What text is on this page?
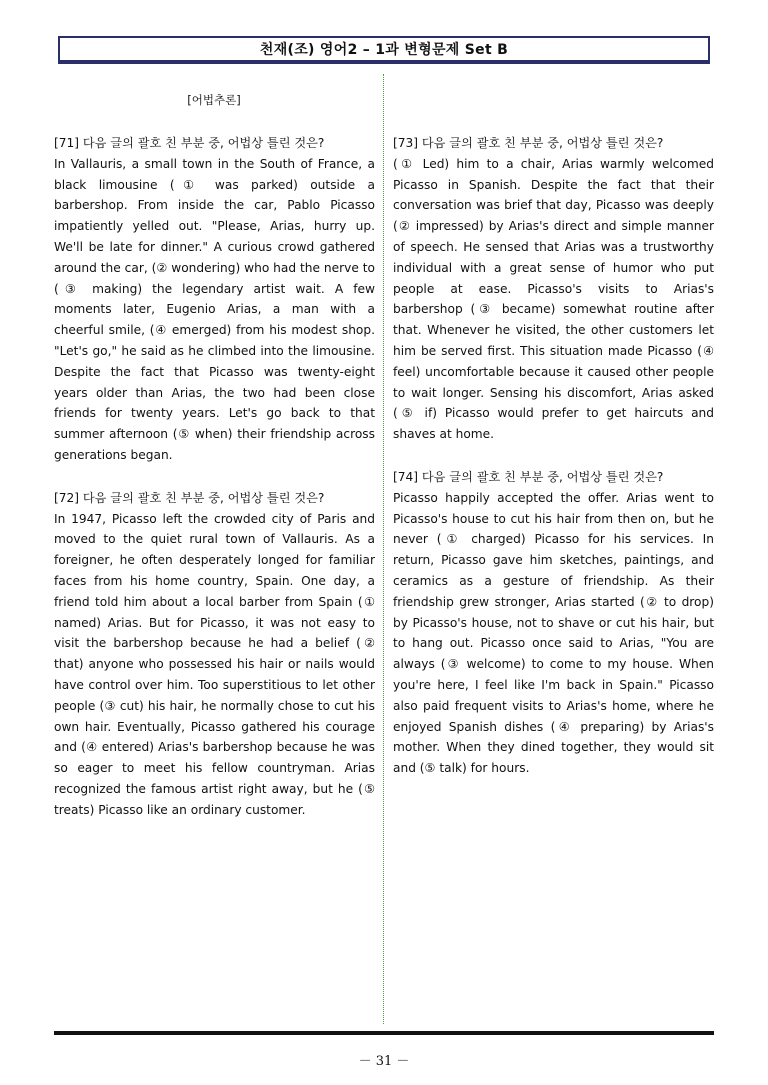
천재(조) 영어2 – 1과 변형문제 Set B
[어법추론]
[71] 다음 글의 괄호 친 부분 중, 어법상 틀린 것은?
In Vallauris, a small town in the South of France, a black limousine (① was parked) outside a barbershop. From inside the car, Pablo Picasso impatiently yelled out. "Please, Arias, hurry up. We'll be late for dinner." A curious crowd gathered around the car, (② wondering) who had the nerve to (③ making) the legendary artist wait. A few moments later, Eugenio Arias, a man with a cheerful smile, (④ emerged) from his modest shop. "Let's go," he said as he climbed into the limousine. Despite the fact that Picasso was twenty-eight years older than Arias, the two had been close friends for twenty years. Let's go back to that summer afternoon (⑤ when) their friendship across generations began.
[72] 다음 글의 괄호 친 부분 중, 어법상 틀린 것은?
In 1947, Picasso left the crowded city of Paris and moved to the quiet rural town of Vallauris. As a foreigner, he often desperately longed for familiar faces from his home country, Spain. One day, a friend told him about a local barber from Spain (① named) Arias. But for Picasso, it was not easy to visit the barbershop because he had a belief (② that) anyone who possessed his hair or nails would have control over him. Too superstitious to let other people (③ cut) his hair, he normally chose to cut his own hair. Eventually, Picasso gathered his courage and (④ entered) Arias's barbershop because he was so eager to meet his fellow countryman. Arias recognized the famous artist right away, but he (⑤ treats) Picasso like an ordinary customer.
[73] 다음 글의 괄호 친 부분 중, 어법상 틀린 것은?
(① Led) him to a chair, Arias warmly welcomed Picasso in Spanish. Despite the fact that their conversation was brief that day, Picasso was deeply (② impressed) by Arias's direct and simple manner of speech. He sensed that Arias was a trustworthy individual with a great sense of humor who put people at ease. Picasso's visits to Arias's barbershop (③ became) somewhat routine after that. Whenever he visited, the other customers let him be served first. This situation made Picasso (④ feel) uncomfortable because it caused other people to wait longer. Sensing his discomfort, Arias asked (⑤ if) Picasso would prefer to get haircuts and shaves at home.
[74] 다음 글의 괄호 친 부분 중, 어법상 틀린 것은?
Picasso happily accepted the offer. Arias went to Picasso's house to cut his hair from then on, but he never (① charged) Picasso for his services. In return, Picasso gave him sketches, paintings, and ceramics as a gesture of friendship. As their friendship grew stronger, Arias started (② to drop) by Picasso's house, not to shave or cut his hair, but to hang out. Picasso once said to Arias, "You are always (③ welcome) to come to my house. When you're here, I feel like I'm back in Spain." Picasso also paid frequent visits to Arias's home, where he enjoyed Spanish dishes (④ preparing) by Arias's mother. When they dined together, they would sit and (⑤ talk) for hours.
－ 31 －
